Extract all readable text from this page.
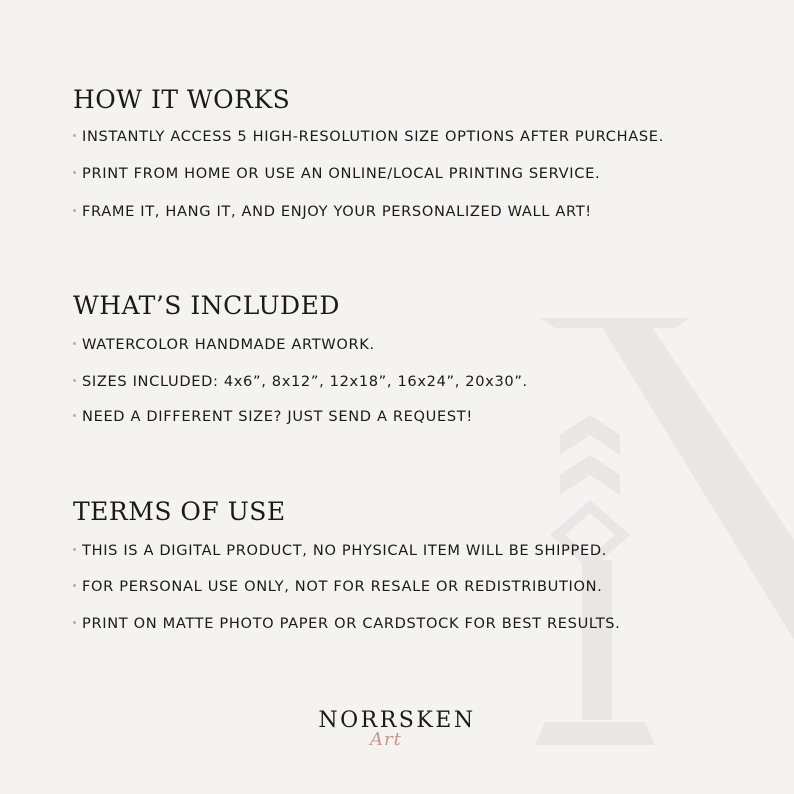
HOW IT WORKS
INSTANTLY ACCESS 5 HIGH-RESOLUTION SIZE OPTIONS AFTER PURCHASE.
PRINT FROM HOME OR USE AN ONLINE/LOCAL PRINTING SERVICE.
FRAME IT, HANG IT, AND ENJOY YOUR PERSONALIZED WALL ART!
WHAT’S INCLUDED
WATERCOLOR HANDMADE ARTWORK.
SIZES INCLUDED: 4x6”, 8x12”, 12x18”, 16x24”, 20x30”.
NEED A DIFFERENT SIZE? JUST SEND A REQUEST!
TERMS OF USE
THIS IS A DIGITAL PRODUCT, NO PHYSICAL ITEM WILL BE SHIPPED.
FOR PERSONAL USE ONLY, NOT FOR RESALE OR REDISTRIBUTION.
PRINT ON MATTE PHOTO PAPER OR CARDSTOCK FOR BEST RESULTS.
NORRSKEN
Art
